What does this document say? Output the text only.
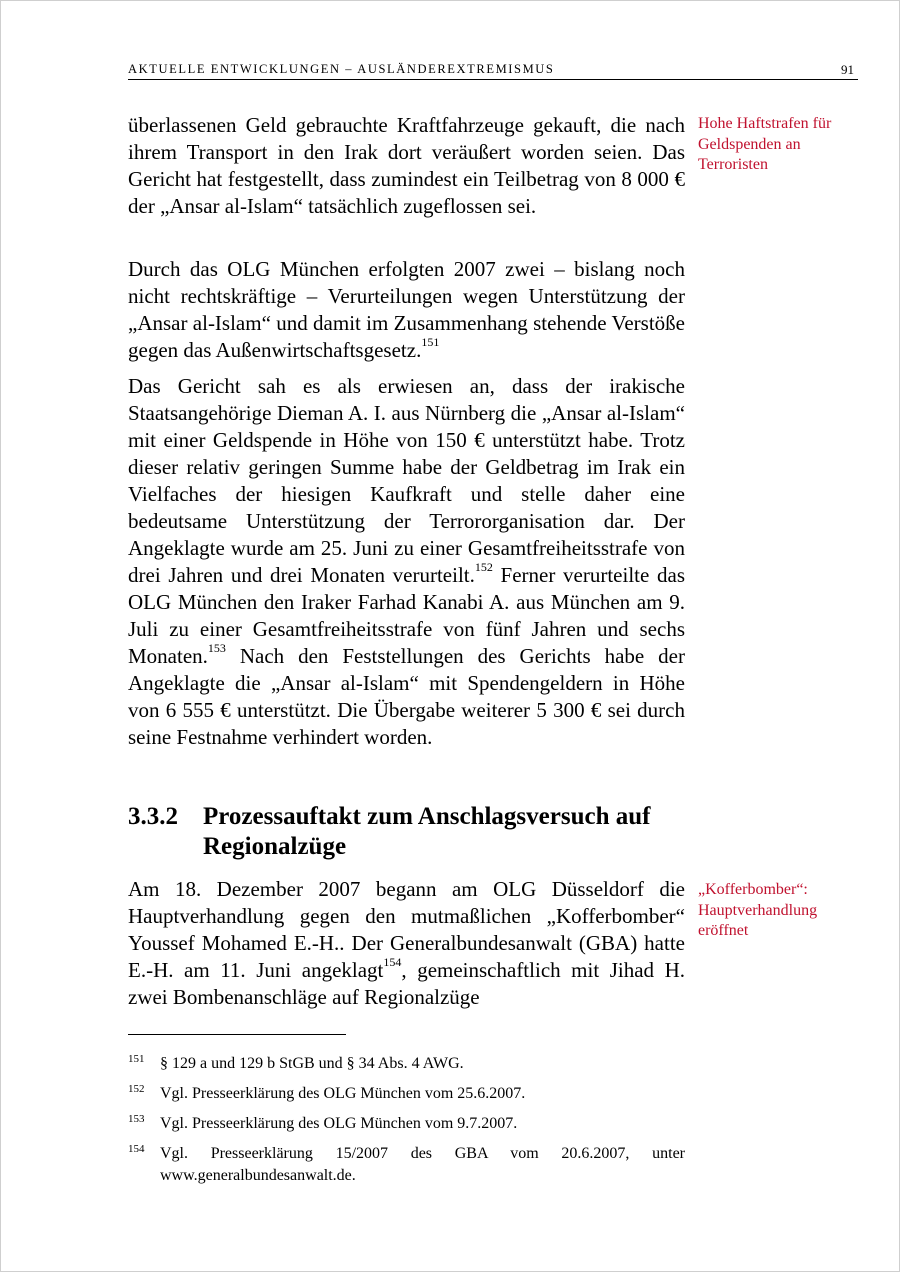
AKTUELLE ENTWICKLUNGEN – AUSLÄNDEREXTREMISMUS	91

überlassenen Geld gebrauchte Kraftfahrzeuge gekauft, die nach ihrem Transport in den Irak dort veräußert worden seien. Das Gericht hat festgestellt, dass zumindest ein Teilbetrag von 8 000 € der „Ansar al-Islam“ tatsächlich zugeflossen sei.

Hohe Haftstrafen für Geldspenden an Terroristen

Durch das OLG München erfolgten 2007 zwei – bislang noch nicht rechtskräftige – Verurteilungen wegen Unterstützung der „Ansar al-Islam“ und damit im Zusammenhang stehende Verstöße gegen das Außenwirtschaftsgesetz.$^{151}$

Das Gericht sah es als erwiesen an, dass der irakische Staatsangehörige Dieman A. I. aus Nürnberg die „Ansar al-Islam“ mit einer Geldspende in Höhe von 150 € unterstützt habe. Trotz dieser relativ geringen Summe habe der Geldbetrag im Irak ein Vielfaches der hiesigen Kaufkraft und stelle daher eine bedeutsame Unterstützung der Terrororganisation dar. Der Angeklagte wurde am 25. Juni zu einer Gesamtfreiheitsstrafe von drei Jahren und drei Monaten verurteilt.$^{152}$ Ferner verurteilte das OLG München den Iraker Farhad Kanabi A. aus München am 9. Juli zu einer Gesamtfreiheitsstrafe von fünf Jahren und sechs Monaten.$^{153}$ Nach den Feststellungen des Gerichts habe der Angeklagte die „Ansar al-Islam“ mit Spendengeldern in Höhe von 6 555 € unterstützt. Die Übergabe weiterer 5 300 € sei durch seine Festnahme verhindert worden.

3.3.2 Prozessauftakt zum Anschlagsversuch auf Regionalzüge

Am 18. Dezember 2007 begann am OLG Düsseldorf die Hauptverhandlung gegen den mutmaßlichen „Kofferbomber“ Youssef Mohamed E.-H.. Der Generalbundesanwalt (GBA) hatte E.-H. am 11. Juni angeklagt$^{154}$, gemeinschaftlich mit Jihad H. zwei Bombenanschläge auf Regionalzüge

„Kofferbomber“: Hauptverhandlung eröffnet

151 § 129 a und 129 b StGB und § 34 Abs. 4 AWG.
152 Vgl. Presseerklärung des OLG München vom 25.6.2007.
153 Vgl. Presseerklärung des OLG München vom 9.7.2007.
154 Vgl. Presseerklärung 15/2007 des GBA vom 20.6.2007, unter www.generalbundesanwalt.de.
